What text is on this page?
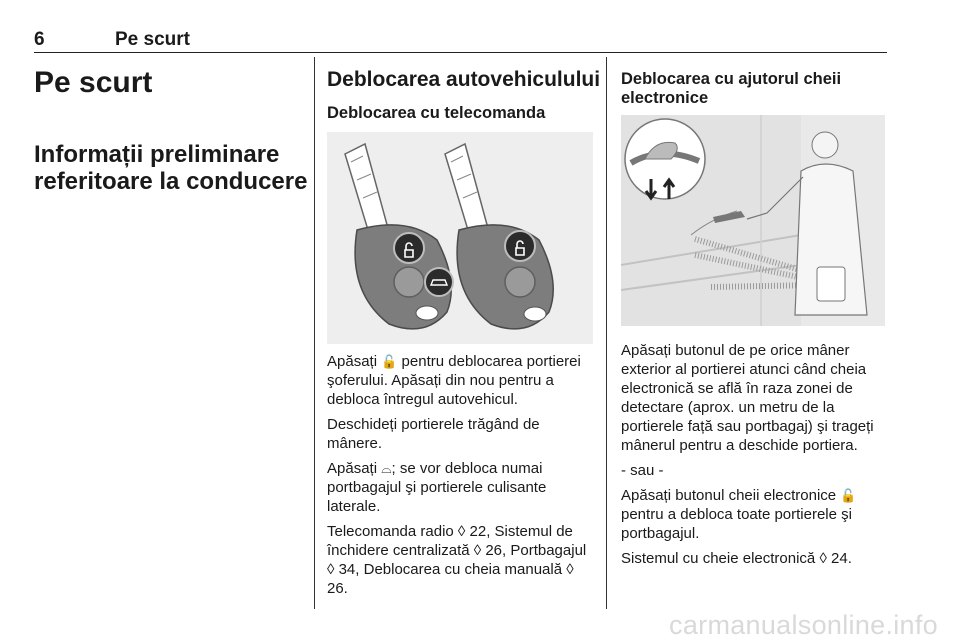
6	Pe scurt
Pe scurt
Informații preliminare
referitoare la conducere
Deblocarea autovehiculului
Deblocarea cu telecomanda

Apăsați 🔓 pentru deblocarea portierei şoferului. Apăsați din nou pentru a debloca întregul autovehicul.

Deschideți portierele trăgând de mânere.

Apăsați ⌓; se vor debloca numai portbagajul şi portierele culisante laterale.

Telecomanda radio ◊ 22, Sistemul de închidere centralizată ◊ 26, Portbagajul ◊ 34, Deblocarea cu cheia manuală ◊ 26.

Deblocarea cu ajutorul cheii
electronice

Apăsați butonul de pe orice mâner exterior al portierei atunci când cheia electronică se află în raza zonei de detectare (aprox. un metru de la portierele față sau portbagaj) şi trageți mânerul pentru a deschide portiera.

- sau -

Apăsați butonul cheii electronice 🔓 pentru a debloca toate portierele şi portbagajul.

Sistemul cu cheie electronică ◊ 24.

carmanualsonline.info
